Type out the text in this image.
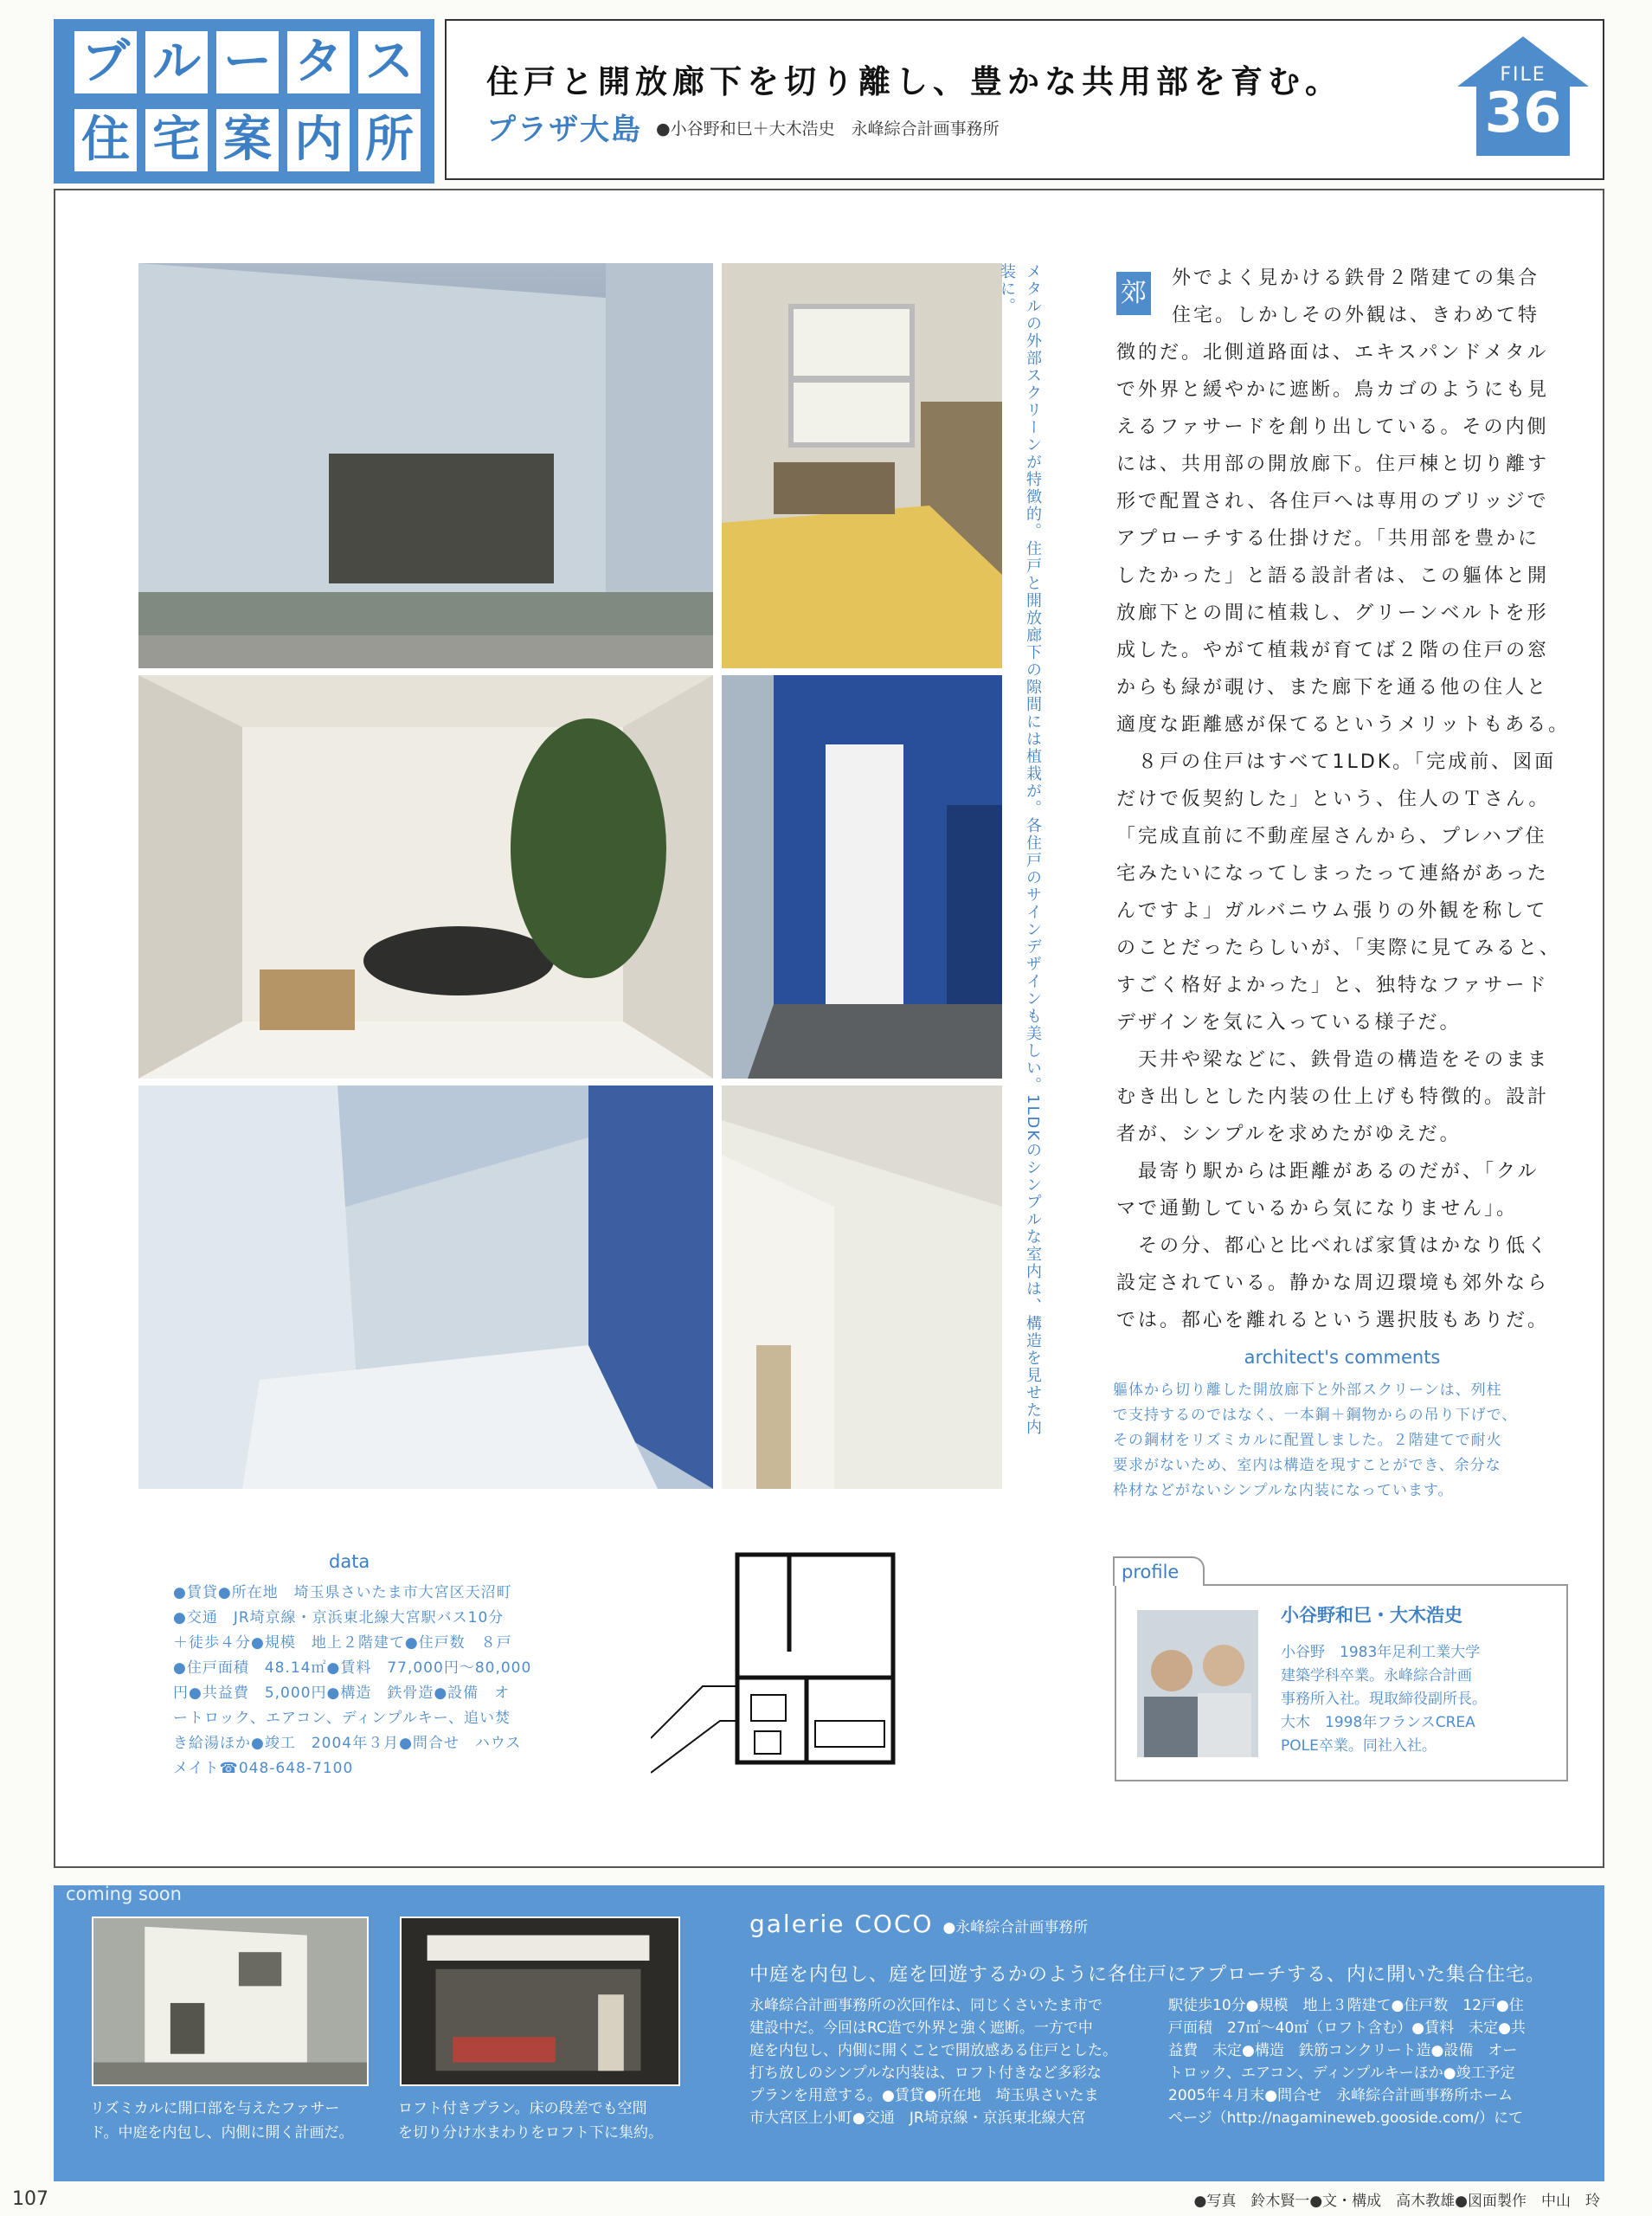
ブ ル ー タ ス
住 宅 案 内 所
住戸と開放廊下を切り離し、豊かな共用部を育む。
プラザ大島 ●小谷野和巳＋大木浩史　永峰綜合計画事務所
FILE
36
メタルの外部スクリーンが特徴的。住戸と開放廊下の隙間には植栽が。各住戸のサインデザインも美しい。1LDKのシンプルな室内は、構造を見せた内装に。	郊 外でよく見かける鉄骨２階建ての集合
住宅。しかしその外観は、きわめて特
徴的だ。北側道路面は、エキスパンドメタル
で外界と緩やかに遮断。鳥カゴのようにも見
えるファサードを創り出している。その内側
には、共用部の開放廊下。住戸棟と切り離す
形で配置され、各住戸へは専用のブリッジで
アプローチする仕掛けだ。「共用部を豊かに
したかった」と語る設計者は、この軀体と開
放廊下との間に植栽し、グリーンベルトを形
成した。やがて植栽が育てば２階の住戸の窓
からも緑が覗け、また廊下を通る他の住人と
適度な距離感が保てるというメリットもある。
　８戸の住戸はすべて1LDK。「完成前、図面
だけで仮契約した」という、住人のＴさん。
「完成直前に不動産屋さんから、プレハブ住
宅みたいになってしまったって連絡があった
んですよ」ガルバニウム張りの外観を称して
のことだったらしいが、「実際に見てみると、
すごく格好よかった」と、独特なファサード
デザインを気に入っている様子だ。
　天井や梁などに、鉄骨造の構造をそのまま
むき出しとした内装の仕上げも特徴的。設計
者が、シンプルを求めたがゆえだ。
　最寄り駅からは距離があるのだが、「クル
マで通勤しているから気になりません」。
　その分、都心と比べれば家賃はかなり低く
設定されている。静かな周辺環境も郊外なら
では。都心を離れるという選択肢もありだ。
architect's comments
軀体から切り離した開放廊下と外部スクリーンは、列柱
で支持するのではなく、一本鋼＋鋼物からの吊り下げで、
その鋼材をリズミカルに配置しました。２階建てで耐火
要求がないため、室内は構造を現すことができ、余分な
枠材などがないシンプルな内装になっています。
data
●賃貸●所在地　埼玉県さいたま市大宮区天沼町
●交通　JR埼京線・京浜東北線大宮駅バス10分
＋徒歩４分●規模　地上２階建て●住戸数　８戸
●住戸面積　48.14㎡●賃料　77,000円～80,000
円●共益費　5,000円●構造　鉄骨造●設備　オ
ートロック、エアコン、ディンプルキー、追い焚
き給湯ほか●竣工　2004年３月●問合せ　ハウス
メイト☎048-648-7100
profile
小谷野和巳・大木浩史
小谷野　1983年足利工業大学
建築学科卒業。永峰綜合計画
事務所入社。現取締役副所長。
大木　1998年フランスCREA
POLE卒業。同社入社。
coming soon
リズミカルに開口部を与えたファサー
ド。中庭を内包し、内側に開く計画だ。
ロフト付きプラン。床の段差でも空間
を切り分け水まわりをロフト下に集約。
galerie COCO ●永峰綜合計画事務所
中庭を内包し、庭を回遊するかのように各住戸にアプローチする、内に開いた集合住宅。
永峰綜合計画事務所の次回作は、同じくさいたま市で
建設中だ。今回はRC造で外界と強く遮断。一方で中
庭を内包し、内側に開くことで開放感ある住戸とした。
打ち放しのシンプルな内装は、ロフト付きなど多彩な
プランを用意する。●賃貸●所在地　埼玉県さいたま
市大宮区上小町●交通　JR埼京線・京浜東北線大宮
駅徒歩10分●規模　地上３階建て●住戸数　12戸●住
戸面積　27㎡～40㎡（ロフト含む）●賃料　未定●共
益費　未定●構造　鉄筋コンクリート造●設備　オー
トロック、エアコン、ディンプルキーほか●竣工予定
2005年４月末●問合せ　永峰綜合計画事務所ホーム
ページ（http://nagamineweb.gooside.com/）にて
107	●写真　鈴木賢一●文・構成　高木教雄●図面製作　中山　玲
